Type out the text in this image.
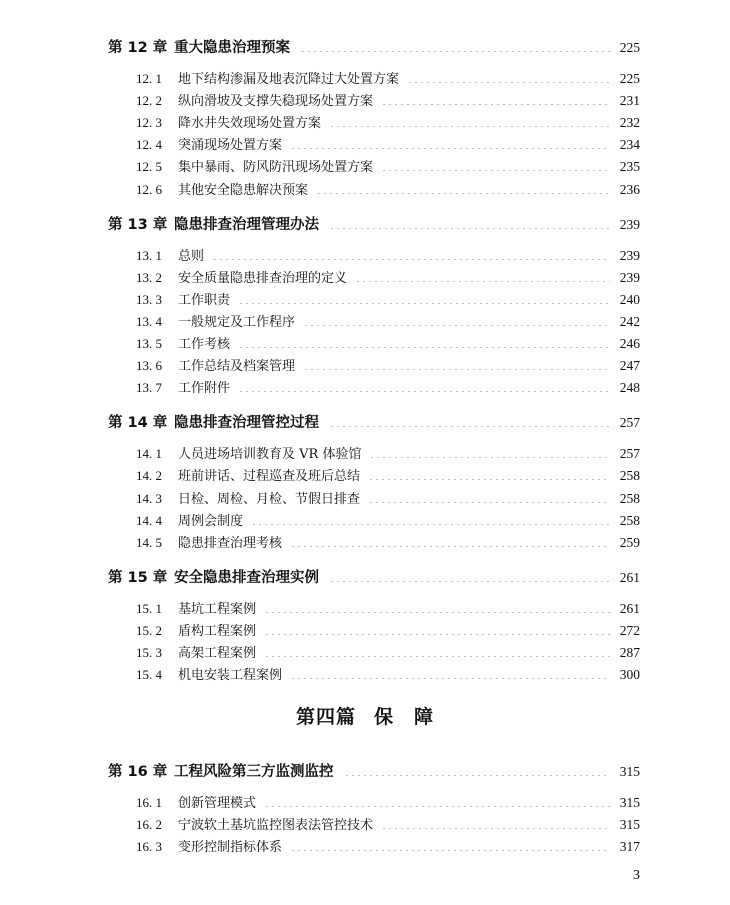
第四篇 保　障
3
第 12 章 重大隐患治理预案	225
12. 1	地下结构渗漏及地表沉降过大处置方案	225
12. 2	纵向滑坡及支撑失稳现场处置方案	231
12. 3	降水井失效现场处置方案	232
12. 4	突涌现场处置方案	234
12. 5	集中暴雨、防风防汛现场处置方案	235
12. 6	其他安全隐患解决预案	236
第 13 章 隐患排查治理管理办法	239
13. 1	总则	239
13. 2	安全质量隐患排查治理的定义	239
13. 3	工作职责	240
13. 4	一般规定及工作程序	242
13. 5	工作考核	246
13. 6	工作总结及档案管理	247
13. 7	工作附件	248
第 14 章 隐患排查治理管控过程	257
14. 1	人员进场培训教育及 VR 体验馆	257
14. 2	班前讲话、过程巡查及班后总结	258
14. 3	日检、周检、月检、节假日排查	258
14. 4	周例会制度	258
14. 5	隐患排查治理考核	259
第 15 章 安全隐患排查治理实例	261
15. 1	基坑工程案例	261
15. 2	盾构工程案例	272
15. 3	高架工程案例	287
15. 4	机电安装工程案例	300
第 16 章 工程风险第三方监测监控	315
16. 1	创新管理模式	315
16. 2	宁波软土基坑监控图表法管控技术	315
16. 3	变形控制指标体系	317
